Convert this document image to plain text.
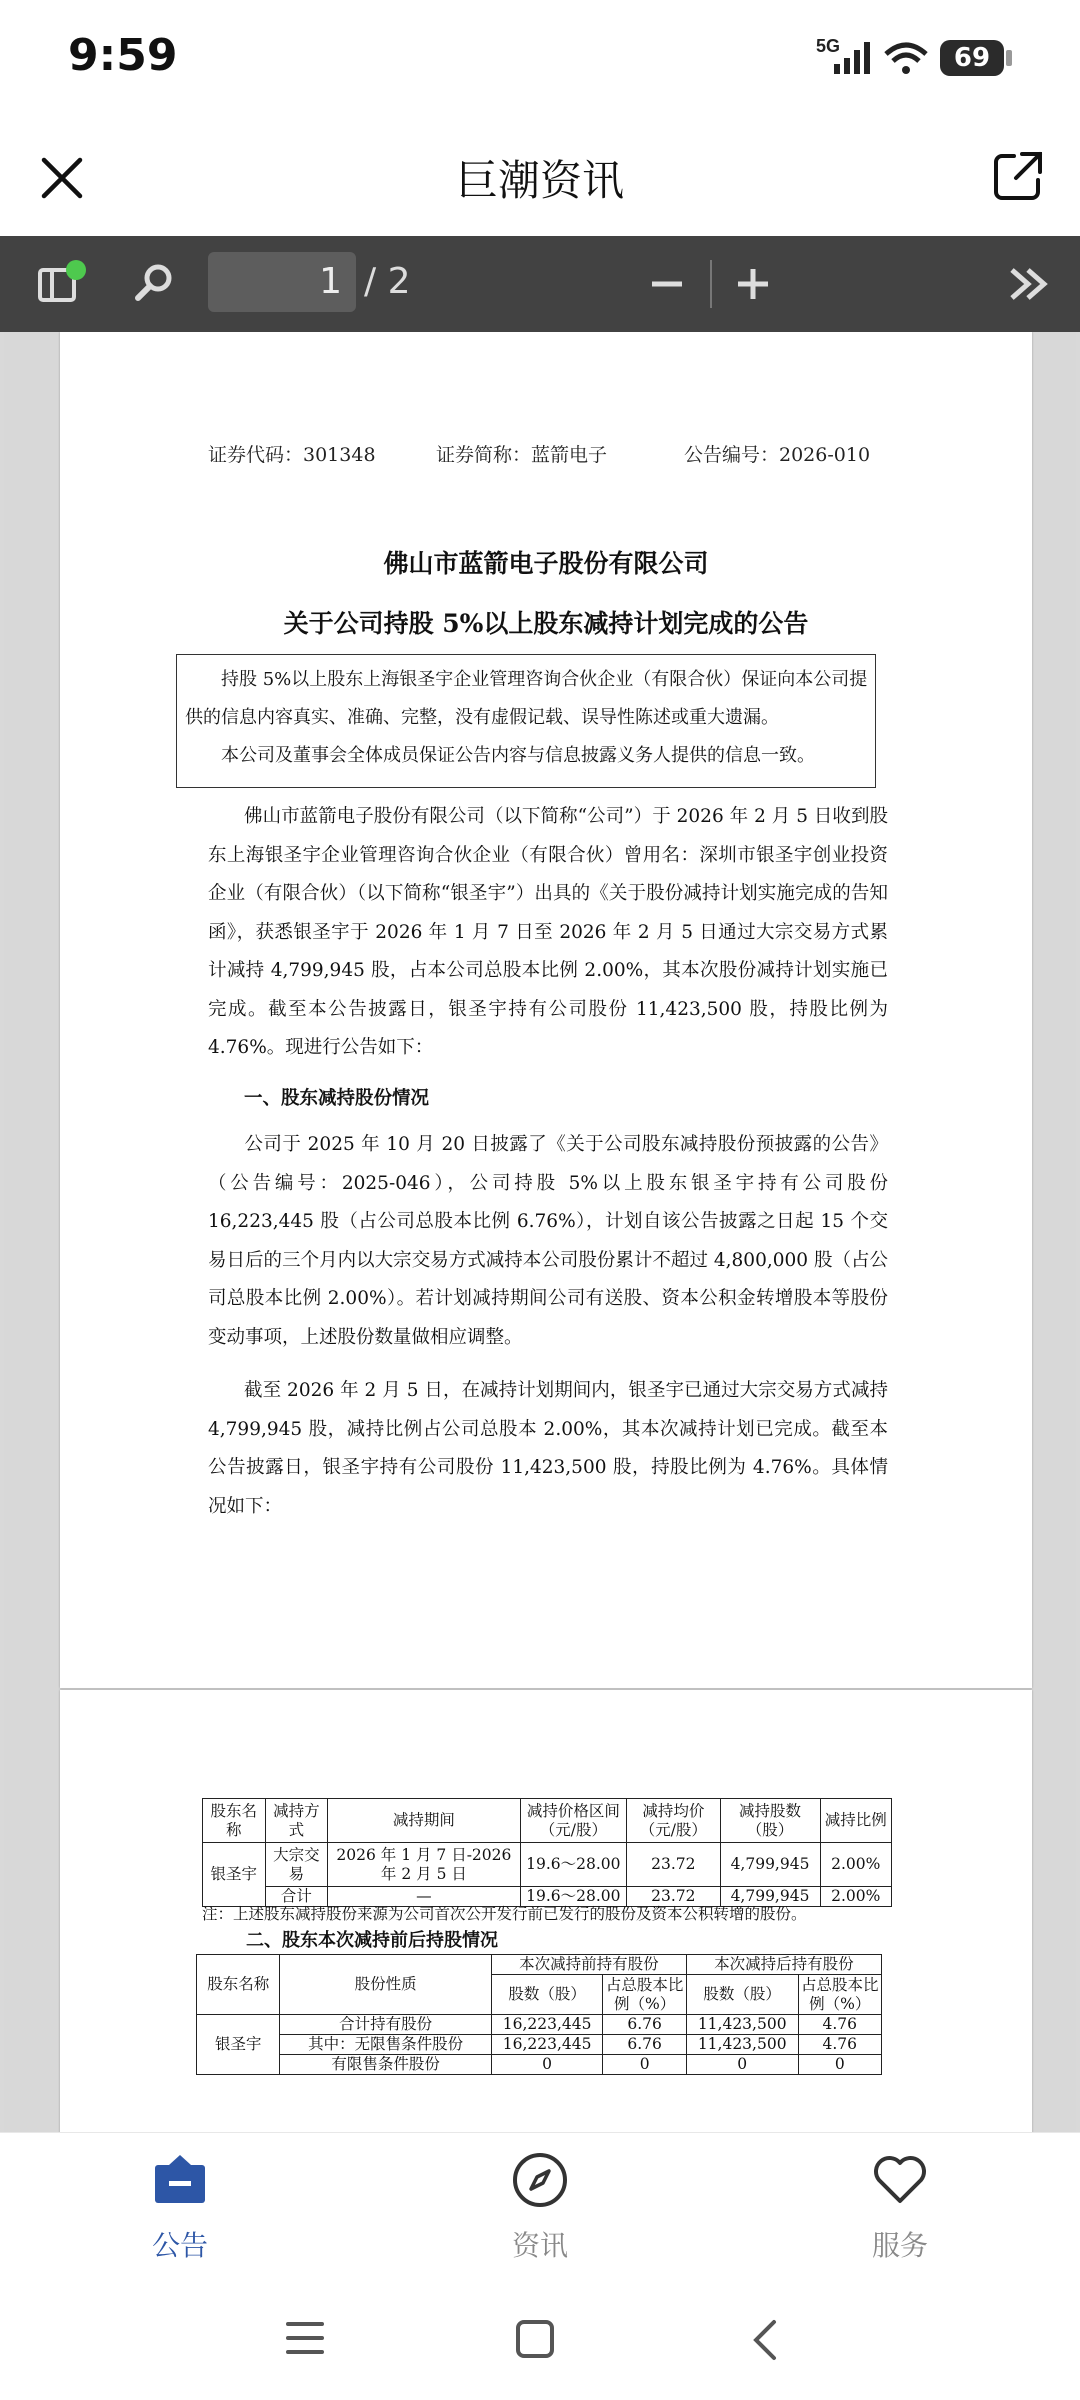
9:59	5G	69
巨潮资讯
1 / 2
证券代码：301348	证券简称：蓝箭电子	公告编号：2026-010
佛山市蓝箭电子股份有限公司
关于公司持股 5%以上股东减持计划完成的公告
持股 5%以上股东上海银圣宇企业管理咨询合伙企业（有限合伙）保证向本公司提供的信息内容真实、准确、完整，没有虚假记载、误导性陈述或重大遗漏。
本公司及董事会全体成员保证公告内容与信息披露义务人提供的信息一致。
佛山市蓝箭电子股份有限公司（以下简称“公司”）于 2026 年 2 月 5 日收到股东上海银圣宇企业管理咨询合伙企业（有限合伙）曾用名：深圳市银圣宇创业投资企业（有限合伙）（以下简称“银圣宇”）出具的《关于股份减持计划实施完成的告知函》，获悉银圣宇于 2026 年 1 月 7 日至 2026 年 2 月 5 日通过大宗交易方式累计减持 4,799,945 股，占本公司总股本比例 2.00%，其本次股份减持计划实施已完成。截至本公告披露日，银圣宇持有公司股份 11,423,500 股，持股比例为 4.76%。现进行公告如下：
一、股东减持股份情况
公司于 2025 年 10 月 20 日披露了《关于公司股东减持股份预披露的公告》（公告编号：2025-046），公司持股 5%以上股东银圣宇持有公司股份 16,223,445 股（占公司总股本比例 6.76%），计划自该公告披露之日起 15 个交易日后的三个月内以大宗交易方式减持本公司股份累计不超过 4,800,000 股（占公司总股本比例 2.00%）。若计划减持期间公司有送股、资本公积金转增股本等股份变动事项，上述股份数量做相应调整。
截至 2026 年 2 月 5 日，在减持计划期间内，银圣宇已通过大宗交易方式减持 4,799,945 股，减持比例占公司总股本 2.00%，其本次减持计划已完成。截至本公告披露日，银圣宇持有公司股份 11,423,500 股，持股比例为 4.76%。具体情况如下：
股东名称	减持方式	减持期间	减持价格区间（元/股）	减持均价（元/股）	减持股数（股）	减持比例
银圣宇	大宗交易	2026 年 1 月 7 日-2026 年 2 月 5 日	19.6～28.00	23.72	4,799,945	2.00%
	合计	—	19.6～28.00	23.72	4,799,945	2.00%
注：上述股东减持股份来源为公司首次公开发行前已发行的股份及资本公积转增的股份。
二、股东本次减持前后持股情况
股东名称	股份性质	本次减持前持有股份		本次减持后持有股份	
		股数（股）	占总股本比例（%）	股数（股）	占总股本比例（%）
银圣宇	合计持有股份	16,223,445	6.76	11,423,500	4.76
	其中：无限售条件股份	16,223,445	6.76	11,423,500	4.76
	有限售条件股份	0	0	0	0
公告	资讯	服务
